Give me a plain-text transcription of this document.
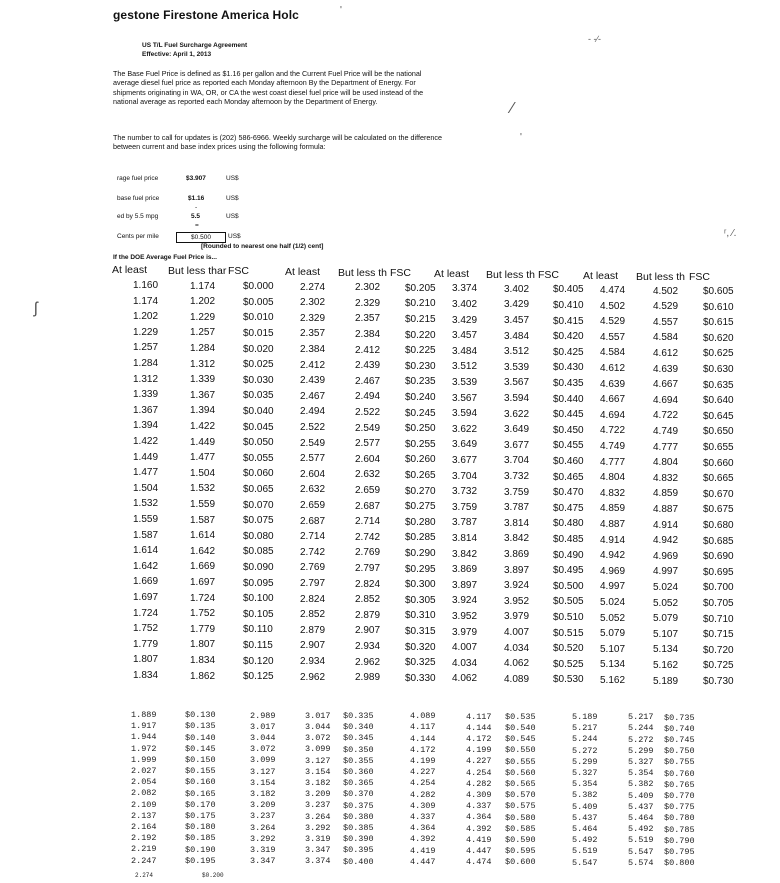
gestone Firestone America Holc
US T/L Fuel Surcharge Agreement
Effective: April 1, 2013
The Base Fuel Price is defined as $1.16 per gallon and the Current Fuel Price will be the national average diesel fuel price as reported each Monday afternoon By the Department of Energy. For shipments originating in WA, OR, or CA the west coast diesel fuel price will be used instead of the national average as reported each Monday afternoon by the Department of Energy.
The number to call for updates is (202) 586-6966. Weekly surcharge will be calculated on the difference between current and base index prices using the following formula:
rage fuel price	$3.907	US$
base fuel price	$1.16	US$
-
ed by 5.5 mpg	5.5	US$
=
Cents per mile	$0.500	US$
[Rounded to nearest one half (1/2) cent]
If the DOE Average Fuel Price is...
At least But less thar FSC	At least But less th FSC At least But less th FSC At least But less th FSC
1.160	1.174	$0.000	2.274	2.302 $0.205 3.374	3.402 $0.405 4.474	4.502 $0.605
1.174	1.202	$0.005	2.302	2.329 $0.210 3.402	3.429 $0.410 4.502	4.529 $0.610
1.202	1.229	$0.010	2.329	2.357 $0.215 3.429	3.457 $0.415 4.529	4.557 $0.615
1.229	1.257	$0.015	2.357	2.384 $0.220 3.457	3.484 $0.420 4.557	4.584 $0.620
1.257	1.284	$0.020	2.384	2.412 $0.225 3.484	3.512 $0.425 4.584	4.612 $0.625
1.284	1.312	$0.025	2.412	2.439 $0.230 3.512	3.539 $0.430 4.612	4.639 $0.630
1.312	1.339	$0.030	2.439	2.467 $0.235 3.539	3.567 $0.435 4.639	4.667 $0.635
1.339	1.367	$0.035	2.467	2.494 $0.240 3.567	3.594 $0.440 4.667	4.694 $0.640
1.367	1.394	$0.040	2.494	2.522 $0.245 3.594	3.622 $0.445 4.694	4.722 $0.645
1.394	1.422	$0.045	2.522	2.549 $0.250 3.622	3.649 $0.450 4.722	4.749 $0.650
1.422	1.449	$0.050	2.549	2.577 $0.255 3.649	3.677 $0.455 4.749	4.777 $0.655
1.449	1.477	$0.055	2.577	2.604 $0.260 3.677	3.704 $0.460 4.777	4.804 $0.660
1.477	1.504	$0.060	2.604	2.632 $0.265 3.704	3.732 $0.465 4.804	4.832 $0.665
1.504	1.532	$0.065	2.632	2.659 $0.270 3.732	3.759 $0.470 4.832	4.859 $0.670
1.532	1.559	$0.070	2.659	2.687 $0.275 3.759	3.787 $0.475 4.859	4.887 $0.675
1.559	1.587	$0.075	2.687	2.714 $0.280 3.787	3.814 $0.480 4.887	4.914 $0.680
1.587	1.614	$0.080	2.714	2.742 $0.285 3.814	3.842 $0.485 4.914	4.942 $0.685
1.614	1.642	$0.085	2.742	2.769 $0.290 3.842	3.869 $0.490 4.942	4.969 $0.690
1.642	1.669	$0.090	2.769	2.797 $0.295 3.869	3.897 $0.495 4.969	4.997 $0.695
1.669	1.697	$0.095	2.797	2.824 $0.300 3.897	3.924 $0.500 4.997	5.024 $0.700
1.697	1.724	$0.100	2.824	2.852 $0.305 3.924	3.952 $0.505 5.024	5.052 $0.705
1.724	1.752	$0.105	2.852	2.879 $0.310 3.952	3.979 $0.510 5.052	5.079 $0.710
1.752	1.779	$0.110	2.879	2.907 $0.315 3.979	4.007 $0.515 5.079	5.107 $0.715
1.779	1.807	$0.115	2.907	2.934 $0.320 4.007	4.034 $0.520 5.107	5.134 $0.720
1.807	1.834	$0.120	2.934	2.962 $0.325 4.034	4.062 $0.525 5.134	5.162 $0.725
1.834	1.862	$0.125	2.962	2.989 $0.330 4.062	4.089 $0.530 5.162	5.189 $0.730
1.889	$0.130	2.989	3.017 $0.335	4.089	4.117 $0.535	5.189	5.217 $0.735
1.917	$0.135	3.017	3.044 $0.340	4.117	4.144 $0.540	5.217	5.244 $0.740
1.944	$0.140	3.044	3.072 $0.345	4.144	4.172 $0.545	5.244	5.272 $0.745
1.972	$0.145	3.072	3.099 $0.350	4.172	4.199 $0.550	5.272	5.299 $0.750
1.999	$0.150	3.099	3.127 $0.355	4.199	4.227 $0.555	5.299	5.327 $0.755
2.027	$0.155	3.127	3.154 $0.360	4.227	4.254 $0.560	5.327	5.354 $0.760
2.054	$0.160	3.154	3.182 $0.365	4.254	4.282 $0.565	5.354	5.382 $0.765
2.082	$0.165	3.182	3.209 $0.370	4.282	4.309 $0.570	5.382	5.409 $0.770
2.109	$0.170	3.209	3.237 $0.375	4.309	4.337 $0.575	5.409	5.437 $0.775
2.137	$0.175	3.237	3.264 $0.380	4.337	4.364 $0.580	5.437	5.464 $0.780
2.164	$0.180	3.264	3.292 $0.385	4.364	4.392 $0.585	5.464	5.492 $0.785
2.192	$0.185	3.292	3.319 $0.390	4.392	4.419 $0.590	5.492	5.519 $0.790
2.219	$0.190	3.319	3.347 $0.395	4.419	4.447 $0.595	5.519	5.547 $0.795
2.247	$0.195	3.347	3.374 $0.400	4.447	4.474 $0.600	5.547	5.574 $0.800
2.274	$0.200
'
- -∕-
⁄
'
ʳ, ⁄.
ʃ
